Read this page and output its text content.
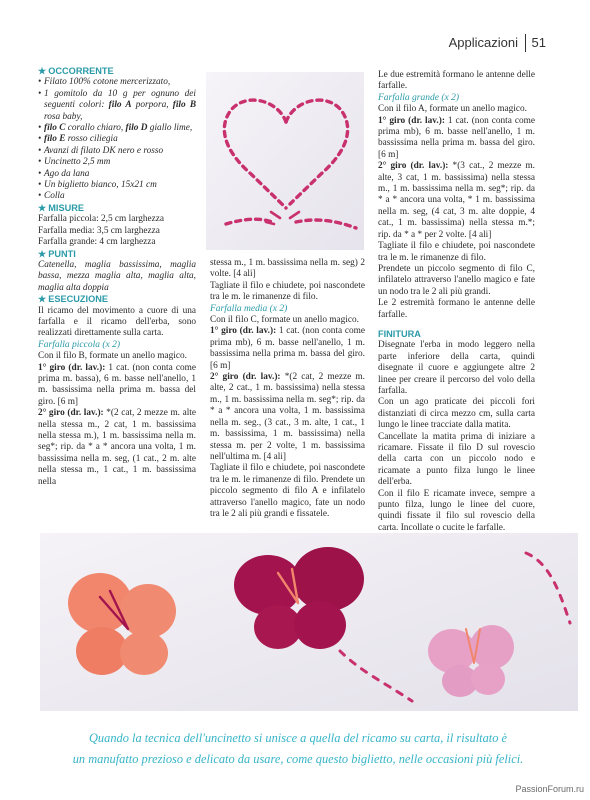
Applicazioni 51

★ OCCORRENTE

• Filato 100% cotone mercerizzato,
• 1 gomitolo da 10 g per ognuno dei seguenti colori: filo A porpora, filo B rosa baby,
• filo C corallo chiaro, filo D giallo lime,
• filo E rosso ciliegia
• Avanzi di filato DK nero e rosso
• Uncinetto 2,5 mm
• Ago da lana
• Un biglietto bianco, 15x21 cm
• Colla

★ MISURE

Farfalla piccola: 2,5 cm larghezza

Farfalla media: 3,5 cm larghezza

Farfalla grande: 4 cm larghezza

★ PUNTI

Catenella, maglia bassissima, maglia bassa, mezza maglia alta, maglia alta, maglia alta doppia

★ ESECUZIONE

Il ricamo del movimento a cuore di una farfalla e il ricamo dell'erba, sono realizzati direttamente sulla carta.

Farfalla piccola (x 2)

Con il filo B, formate un anello magico.

1° giro (dr. lav.): 1 cat. (non conta come prima m. bassa), 6 m. basse nell'anello, 1 m. bassissima nella prima m. bassa del giro. [6 m]

2° giro (dr. lav.): *(2 cat, 2 mezze m. alte nella stessa m., 2 cat, 1 m. bassissima nella stessa m.), 1 m. bassissima nella m. seg*; rip. da * a * ancora una volta, 1 m. bassissima nella m. seg, (1 cat., 2 m. alte nella stessa m., 1 cat., 1 m. bassissima nella

stessa m., 1 m. bassissima nella m. seg) 2 volte. [4 ali]

Tagliate il filo e chiudete, poi nascondete tra le m. le rimanenze di filo.

Farfalla media (x 2)

Con il filo C, formate un anello magico.

1° giro (dr. lav.): 1 cat. (non conta come prima mb), 6 m. basse nell'anello, 1 m. bassissima nella prima m. bassa del giro. [6 m]

2° giro (dr. lav.): *(2 cat, 2 mezze m. alte, 2 cat., 1 m. bassissima) nella stessa m., 1 m. bassissima nella m. seg*; rip. da * a * ancora una volta, 1 m. bassissima nella m. seg., (3 cat., 3 m. alte, 1 cat., 1 m. bassissima, 1 m. bassissima) nella stessa m. per 2 volte, 1 m. bassissima nell'ultima m. [4 ali]

Tagliate il filo e chiudete, poi nascondete tra le m. le rimanenze di filo. Prendete un piccolo segmento di filo A e infilatelo attraverso l'anello magico, fate un nodo tra le 2 ali più grandi e fissatele.

Le due estremità formano le antenne delle farfalle.

Farfalla grande (x 2)

Con il filo A, formate un anello magico.

1° giro (dr. lav.): 1 cat. (non conta come prima mb), 6 m. basse nell'anello, 1 m. bassissima nella prima m. bassa del giro. [6 m]

2° giro (dr. lav.): *(3 cat., 2 mezze m. alte, 3 cat, 1 m. bassissima) nella stessa m., 1 m. bassissima nella m. seg*; rip. da * a * ancora una volta, * 1 m. bassissima nella m. seg, (4 cat, 3 m. alte doppie, 4 cat., 1 m. bassissima) nella stessa m.*; rip. da * a * per 2 volte. [4 ali]

Tagliate il filo e chiudete, poi nascondete tra le m. le rimanenze di filo.

Prendete un piccolo segmento di filo C, infilatelo attraverso l'anello magico e fate un nodo tra le 2 ali più grandi.

Le 2 estremità formano le antenne delle farfalle.

FINITURA

Disegnate l'erba in modo leggero nella parte inferiore della carta, quindi disegnate il cuore e aggiungete altre 2 linee per creare il percorso del volo della farfalla.

Con un ago praticate dei piccoli fori distanziati di circa mezzo cm, sulla carta lungo le linee tracciate dalla matita.

Cancellate la matita prima di iniziare a ricamare. Fissate il filo D sul rovescio della carta con un piccolo nodo e ricamate a punto filza lungo le linee dell'erba.

Con il filo E ricamate invece, sempre a punto filza, lungo le linee del cuore, quindi fissate il filo sul rovescio della carta. Incollate o cucite le farfalle.

Quando la tecnica dell'uncinetto si unisce a quella del ricamo su carta, il risultato è
un manufatto prezioso e delicato da usare, come questo biglietto, nelle occasioni più felici.
PassionForum.ru
